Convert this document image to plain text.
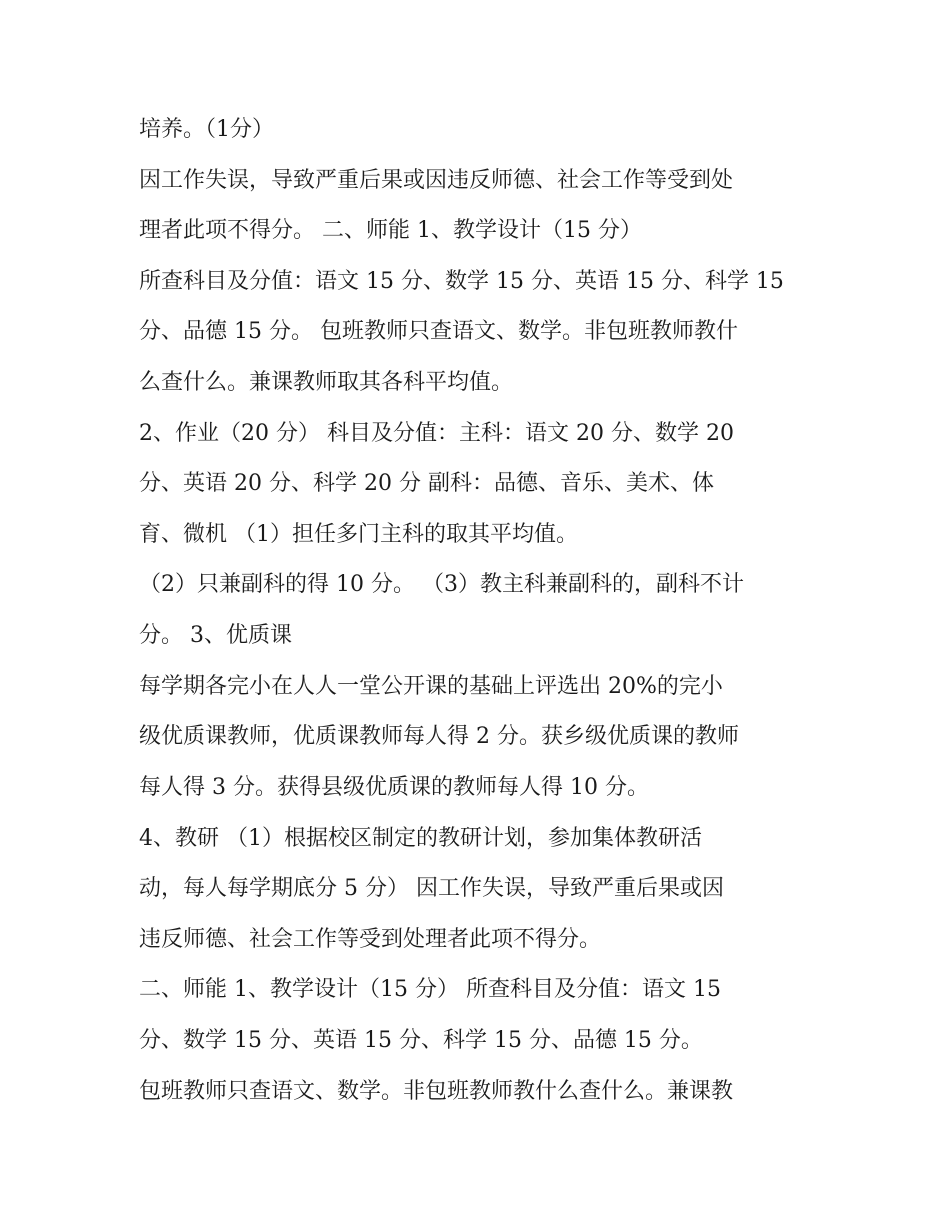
培养。（1分）
因工作失误，导致严重后果或因违反师德、社会工作等受到处
理者此项不得分。 二、师能 1、教学设计（15 分）
所查科目及分值：语文 15 分、数学 15 分、英语 15 分、科学 15
分、品德 15 分。 包班教师只查语文、数学。非包班教师教什
么查什么。兼课教师取其各科平均值。
2、作业（20 分） 科目及分值：主科：语文 20 分、数学 20
分、英语 20 分、科学 20 分 副科：品德、音乐、美术、体
育、微机 （1）担任多门主科的取其平均值。
（2）只兼副科的得 10 分。 （3）教主科兼副科的，副科不计
分。 3、优质课
每学期各完小在人人一堂公开课的基础上评选出 20%的完小
级优质课教师，优质课教师每人得 2 分。获乡级优质课的教师
每人得 3 分。获得县级优质课的教师每人得 10 分。
4、教研 （1）根据校区制定的教研计划，参加集体教研活
动，每人每学期底分 5 分） 因工作失误，导致严重后果或因
违反师德、社会工作等受到处理者此项不得分。
二、师能 1、教学设计（15 分） 所查科目及分值：语文 15
分、数学 15 分、英语 15 分、科学 15 分、品德 15 分。
包班教师只查语文、数学。非包班教师教什么查什么。兼课教
